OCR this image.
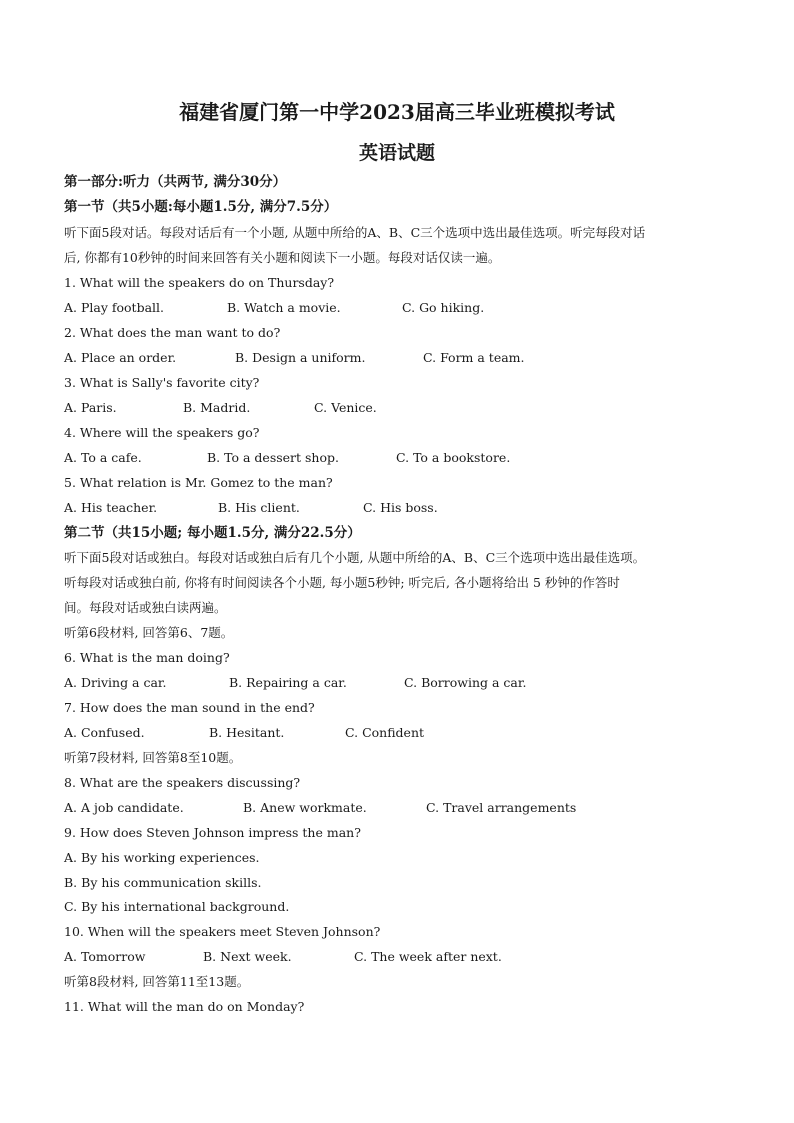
福建省厦门第一中学2023届高三毕业班模拟考试
英语试题
第一部分:听力（共两节, 满分30分）
第一节（共5小题:每小题1.5分, 满分7.5分）
听下面5段对话。每段对话后有一个小题, 从题中所给的A、B、C三个选项中选出最佳选项。听完每段对话
后, 你都有10秒钟的时间来回答有关小题和阅读下一小题。每段对话仅读一遍。
1. What will the speakers do on Thursday?
A. Play football.	B. Watch a movie.	C. Go hiking.
2. What does the man want to do?
A. Place an order.	B. Design a uniform.	C. Form a team.
3. What is Sally's favorite city?
A. Paris.	B. Madrid.	C. Venice.
4. Where will the speakers go?
A. To a cafe.	B. To a dessert shop.	C. To a bookstore.
5. What relation is Mr. Gomez to the man?
A. His teacher.	B. His client.	C. His boss.
第二节（共15小题; 每小题1.5分, 满分22.5分）
听下面5段对话或独白。每段对话或独白后有几个小题, 从题中所给的A、B、C三个选项中选出最佳选项。
听每段对话或独白前, 你将有时间阅读各个小题, 每小题5秒钟; 听完后, 各小题将给出 5 秒钟的作答时
间。每段对话或独白读两遍。
听第6段材料, 回答第6、7题。
6. What is the man doing?
A. Driving a car.	B. Repairing a car.	C. Borrowing a car.
7. How does the man sound in the end?
A. Confused.	B. Hesitant.	C. Confident
听第7段材料, 回答第8至10题。
8. What are the speakers discussing?
A. A job candidate.	B. Anew workmate.	C. Travel arrangements
9. How does Steven Johnson impress the man?
A. By his working experiences.
B. By his communication skills.
C. By his international background.
10. When will the speakers meet Steven Johnson?
A. Tomorrow	B. Next week.	C. The week after next.
听第8段材料, 回答第11至13题。
11. What will the man do on Monday?
